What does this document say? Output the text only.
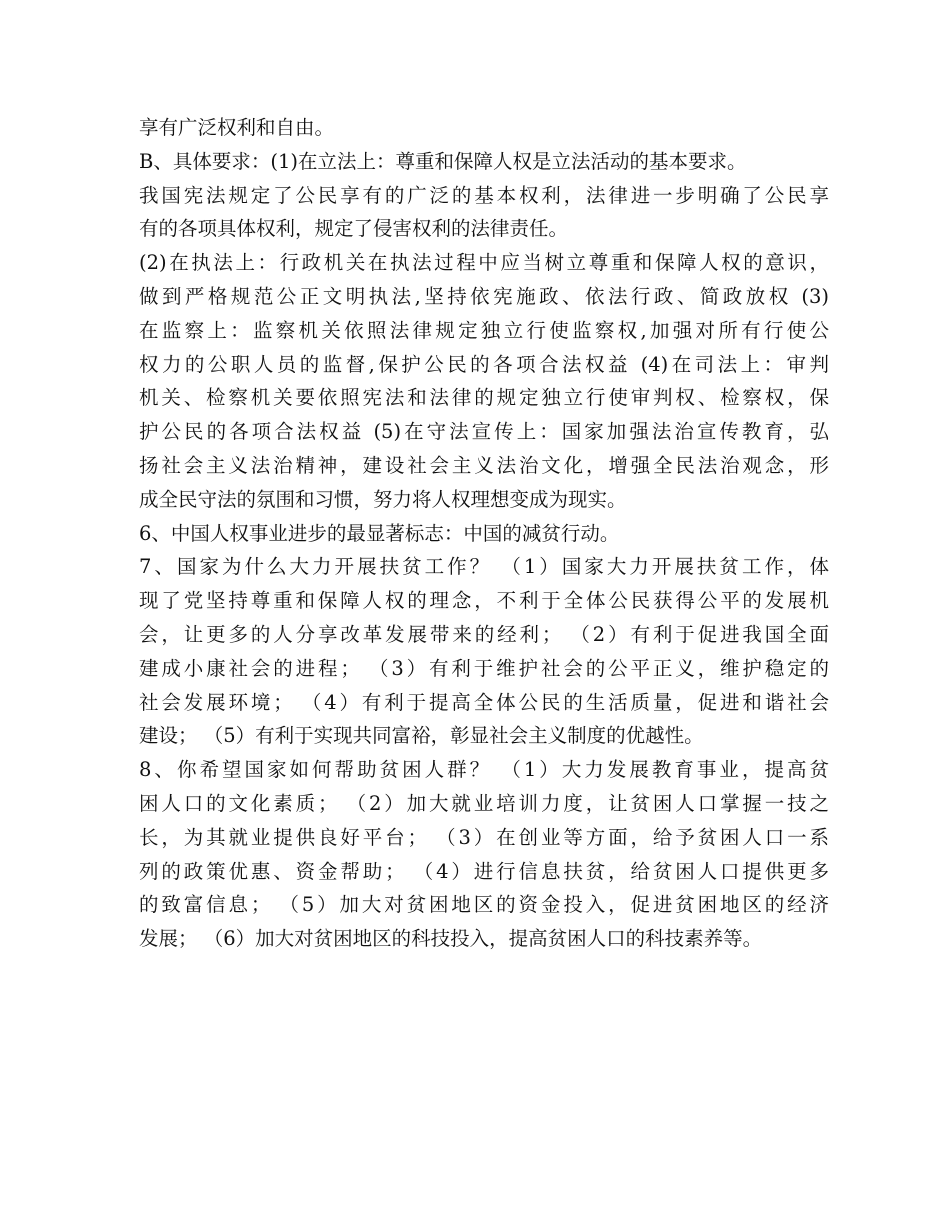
享有广泛权利和自由。
B、具体要求：(1)在立法上：尊重和保障人权是立法活动的基本要求。
我国宪法规定了公民享有的广泛的基本权利，法律进一步明确了公民享
有的各项具体权利，规定了侵害权利的法律责任。
(2)在执法上：行政机关在执法过程中应当树立尊重和保障人权的意识，
做到严格规范公正文明执法,坚持依宪施政、依法行政、简政放权 (3)
在监察上：监察机关依照法律规定独立行使监察权,加强对所有行使公
权力的公职人员的监督,保护公民的各项合法权益 (4)在司法上：审判
机关、检察机关要依照宪法和法律的规定独立行使审判权、检察权，保
护公民的各项合法权益 (5)在守法宣传上：国家加强法治宣传教育，弘
扬社会主义法治精神，建设社会主义法治文化，增强全民法治观念，形
成全民守法的氛围和习惯，努力将人权理想变成为现实。
6、中国人权事业进步的最显著标志：中国的减贫行动。
7、国家为什么大力开展扶贫工作？ （1）国家大力开展扶贫工作，体
现了党坚持尊重和保障人权的理念，不利于全体公民获得公平的发展机
会，让更多的人分享改革发展带来的经利； （2）有利于促进我国全面
建成小康社会的进程； （3）有利于维护社会的公平正义，维护稳定的
社会发展环境； （4）有利于提高全体公民的生活质量，促进和谐社会
建设； （5）有利于实现共同富裕，彰显社会主义制度的优越性。
8、你希望国家如何帮助贫困人群？ （1）大力发展教育事业，提高贫
困人口的文化素质； （2）加大就业培训力度，让贫困人口掌握一技之
长，为其就业提供良好平台； （3）在创业等方面，给予贫困人口一系
列的政策优惠、资金帮助； （4）进行信息扶贫，给贫困人口提供更多
的致富信息； （5）加大对贫困地区的资金投入，促进贫困地区的经济
发展； （6）加大对贫困地区的科技投入，提高贫困人口的科技素养等。
